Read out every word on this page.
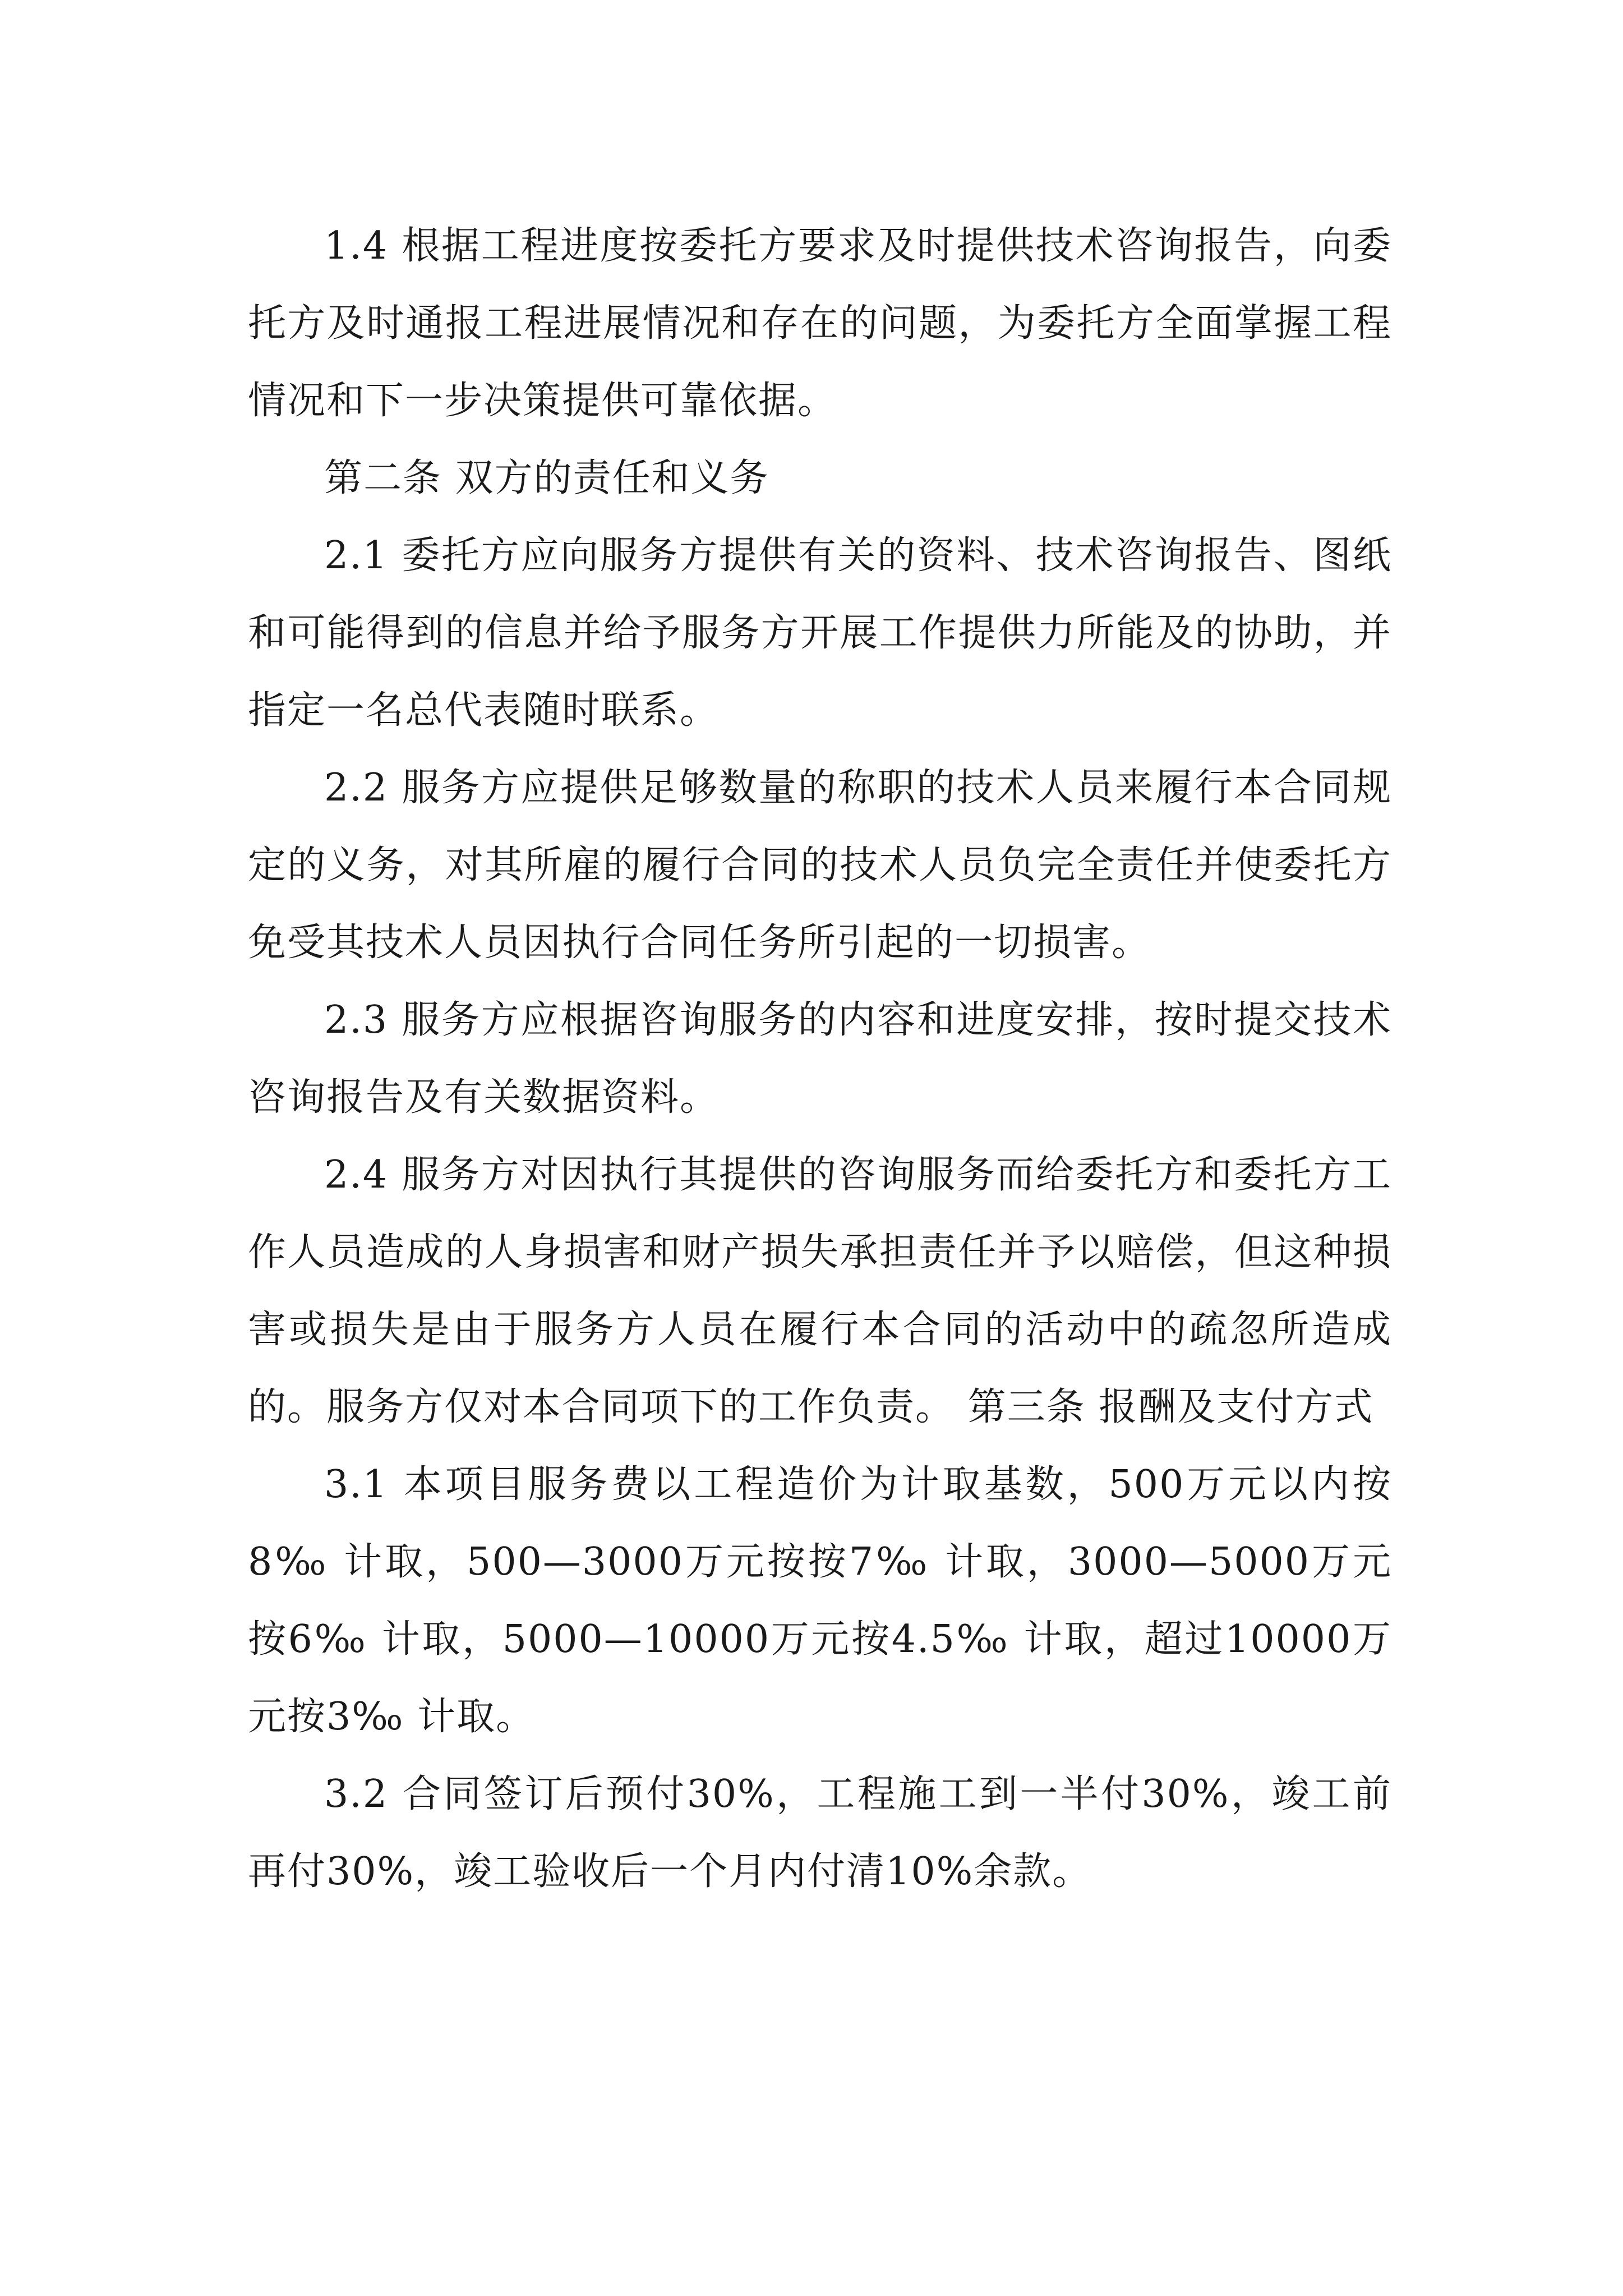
1.4 根据工程进度按委托方要求及时提供技术咨询报告，向委托方及时通报工程进展情况和存在的问题，为委托方全面掌握工程情况和下一步决策提供可靠依据。

第二条 双方的责任和义务

2.1 委托方应向服务方提供有关的资料、技术咨询报告、图纸和可能得到的信息并给予服务方开展工作提供力所能及的协助，并指定一名总代表随时联系。

2.2 服务方应提供足够数量的称职的技术人员来履行本合同规定的义务，对其所雇的履行合同的技术人员负完全责任并使委托方免受其技术人员因执行合同任务所引起的一切损害。

2.3 服务方应根据咨询服务的内容和进度安排，按时提交技术咨询报告及有关数据资料。

2.4 服务方对因执行其提供的咨询服务而给委托方和委托方工作人员造成的人身损害和财产损失承担责任并予以赔偿，但这种损害或损失是由于服务方人员在履行本合同的活动中的疏忽所造成的。服务方仅对本合同项下的工作负责。 第三条 报酬及支付方式

3.1 本项目服务费以工程造价为计取基数，500万元以内按8‰ 计取，500—3000万元按按7‰ 计取，3000—5000万元按6‰ 计取，5000—10000万元按4.5‰ 计取，超过10000万元按3‰ 计取。

3.2 合同签订后预付30%，工程施工到一半付30%，竣工前再付30%，竣工验收后一个月内付清10%余款。
